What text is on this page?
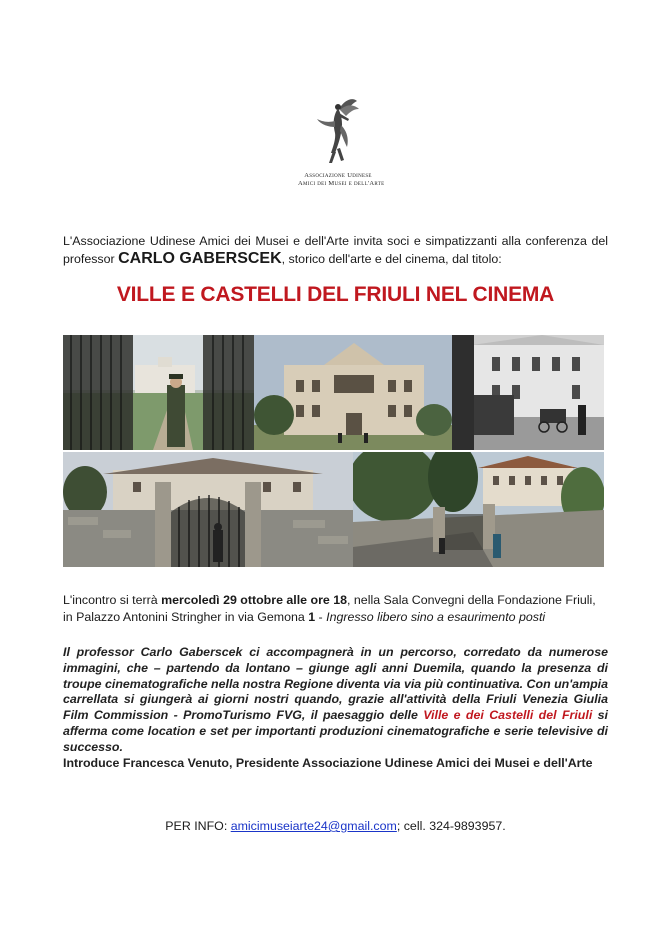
Associazione Udinese
Amici dei Musei e dell'Arte
L'Associazione Udinese Amici dei Musei e dell'Arte invita soci e simpatizzanti alla conferenza del professor CARLO GABERSCEK, storico dell'arte e del cinema, dal titolo:
VILLE E CASTELLI DEL FRIULI NEL CINEMA
L'incontro si terrà mercoledì 29 ottobre alle ore 18, nella Sala Convegni della Fondazione Friuli, in Palazzo Antonini Stringher in via Gemona 1 - Ingresso libero sino a esaurimento posti
Il professor Carlo Gaberscek ci accompagnerà in un percorso, corredato da numerose immagini, che – partendo da lontano – giunge agli anni Duemila, quando la presenza di troupe cinematografiche nella nostra Regione diventa via via più continuativa. Con un'ampia carrellata si giungerà ai giorni nostri quando, grazie all'attività della Friuli Venezia Giulia Film Commission - PromoTurismo FVG, il paesaggio delle Ville e dei Castelli del Friuli si afferma come location e set per importanti produzioni cinematografiche e serie televisive di successo.
Introduce Francesca Venuto, Presidente Associazione Udinese Amici dei Musei e dell'Arte
PER INFO: amicimuseiarte24@gmail.com; cell. 324-9893957.
